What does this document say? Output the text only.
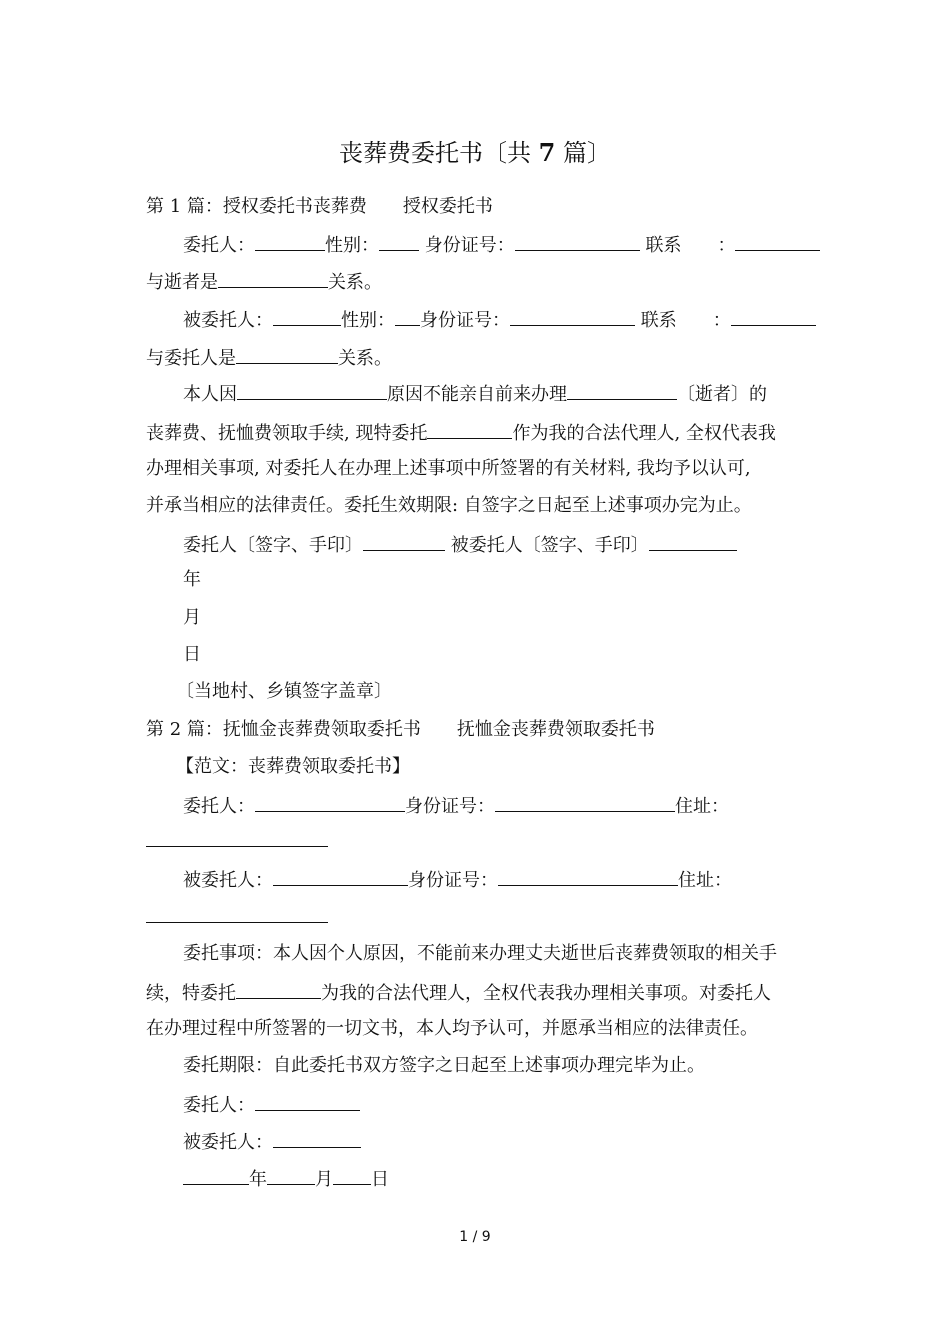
丧葬费委托书〔共 7 篇〕
第 1 篇：授权委托书丧葬费　　授权委托书
委托人：	性别：	身份证号：	联系　　：
与逝者是	关系。
被委托人：	性别： 身份证号：	联系　　：
与委托人是	关系。
本人因	原因不能亲自前来办理	〔逝者〕的
丧葬费、抚恤费领取手续, 现特委托	作为我的合法代理人, 全权代表我
办理相关事项, 对委托人在办理上述事项中所签署的有关材料, 我均予以认可,
并承当相应的法律责任。委托生效期限: 自签字之日起至上述事项办完为止。
委托人〔签字、手印〕	被委托人〔签字、手印〕
年
月
日
〔当地村、乡镇签字盖章〕
第 2 篇：抚恤金丧葬费领取委托书　　抚恤金丧葬费领取委托书
【范文：丧葬费领取委托书】
委托人：	身份证号：	住址：
被委托人：	身份证号：	住址：
委托事项：本人因个人原因，不能前来办理丈夫逝世后丧葬费领取的相关手
续，特委托	为我的合法代理人，全权代表我办理相关事项。对委托人
在办理过程中所签署的一切文书，本人均予认可，并愿承当相应的法律责任。
委托期限：自此委托书双方签字之日起至上述事项办理完毕为止。
委托人：
被委托人：
年	月 日
1 / 9
